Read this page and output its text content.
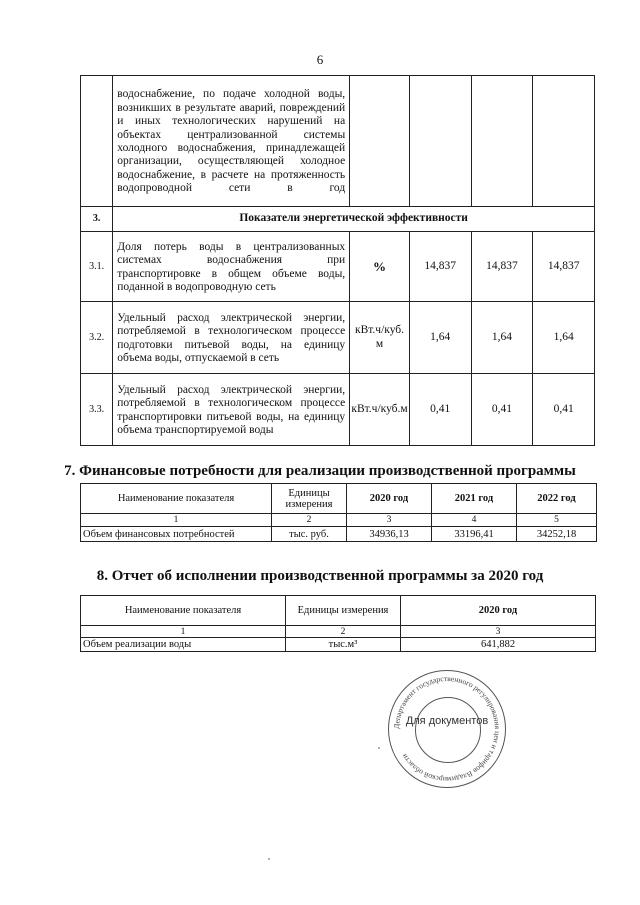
6
	водоснабжение, по подаче холодной воды, возникших в результате аварий, повреждений и иных технологических нарушений на объектах централизованной системы холодного водоснабжения, принадлежащей организации, осуществляющей холодное водоснабжение, в расчете на протяженность водопроводной сети в год				
3.	Показатели энергетической эффективности				
3.1.	Доля потерь воды в централизованных системах водоснабжения при транспортировке в общем объеме воды, поданной в водопроводную сеть	%	14,837	14,837	14,837
3.2.	Удельный расход электрической энергии, потребляемой в технологическом процессе подготовки питьевой воды, на единицу объема воды, отпускаемой в сеть	кВт.ч/куб. м	1,64	1,64	1,64
3.3.	Удельный расход электрической энергии, потребляемой в технологическом процессе транспортировки питьевой воды, на единицу объема транспортируемой воды	кВт.ч/куб.м	0,41	0,41	0,41
7. Финансовые потребности для реализации производственной программы
Наименование показателя	Единицы измерения	2020 год	2021 год	2022 год
1	2	3	4	5
Объем финансовых потребностей	тыс. руб.	34936,13	33196,41	34252,18
8. Отчет об исполнении производственной программы за 2020 год
Наименование показателя	Единицы измерения	2020 год
1	2	3
Объем реализации воды	тыс.м³	641,882
Департамент государственного регулирования цен и тарифов Владимирской области
Для документов
